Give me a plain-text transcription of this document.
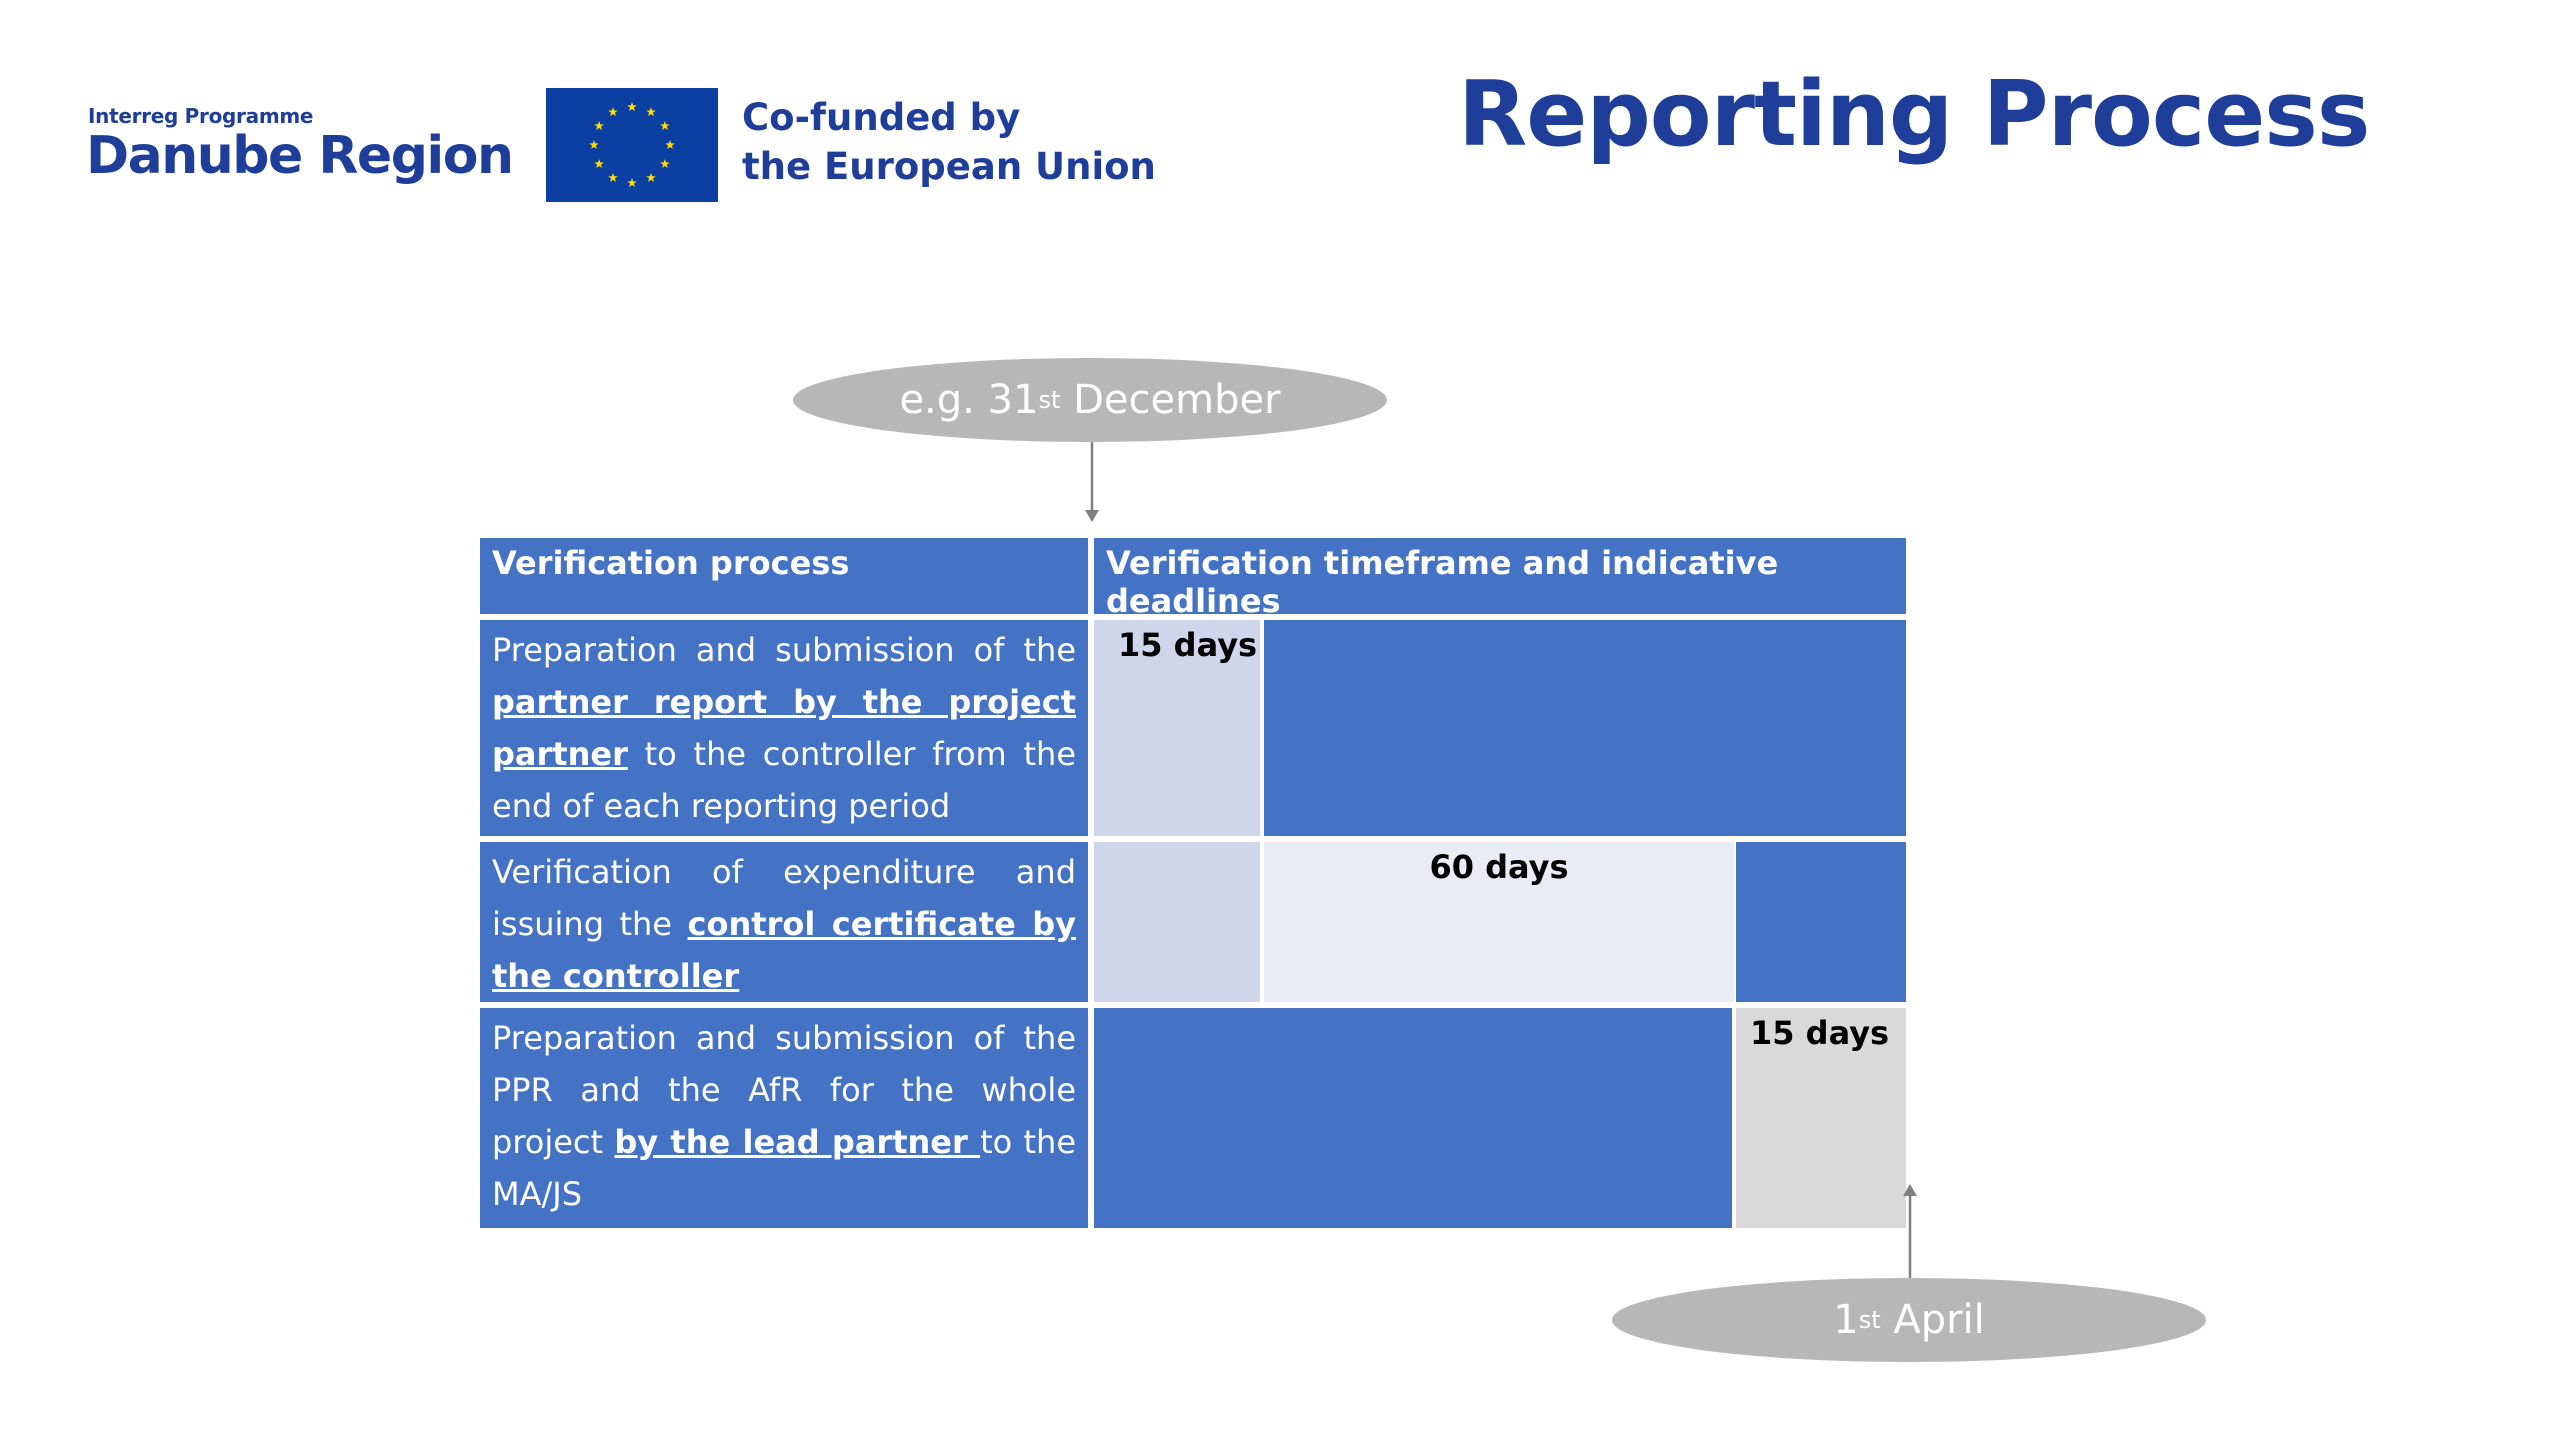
Interreg Programme
Danube Region
Co-funded by
the European Union	Reporting Process
e.g. 31 st December
Verification process	Verification timeframe and indicative deadlines
Preparation and submission of the partner report by the project partner to the controller from the end of each reporting period
15 days
Verification of expenditure and issuing the control certificate by the controller
60 days
Preparation and submission of the PPR and the AfR for the whole project by the lead partner to the MA/JS
15 days
1 st April
